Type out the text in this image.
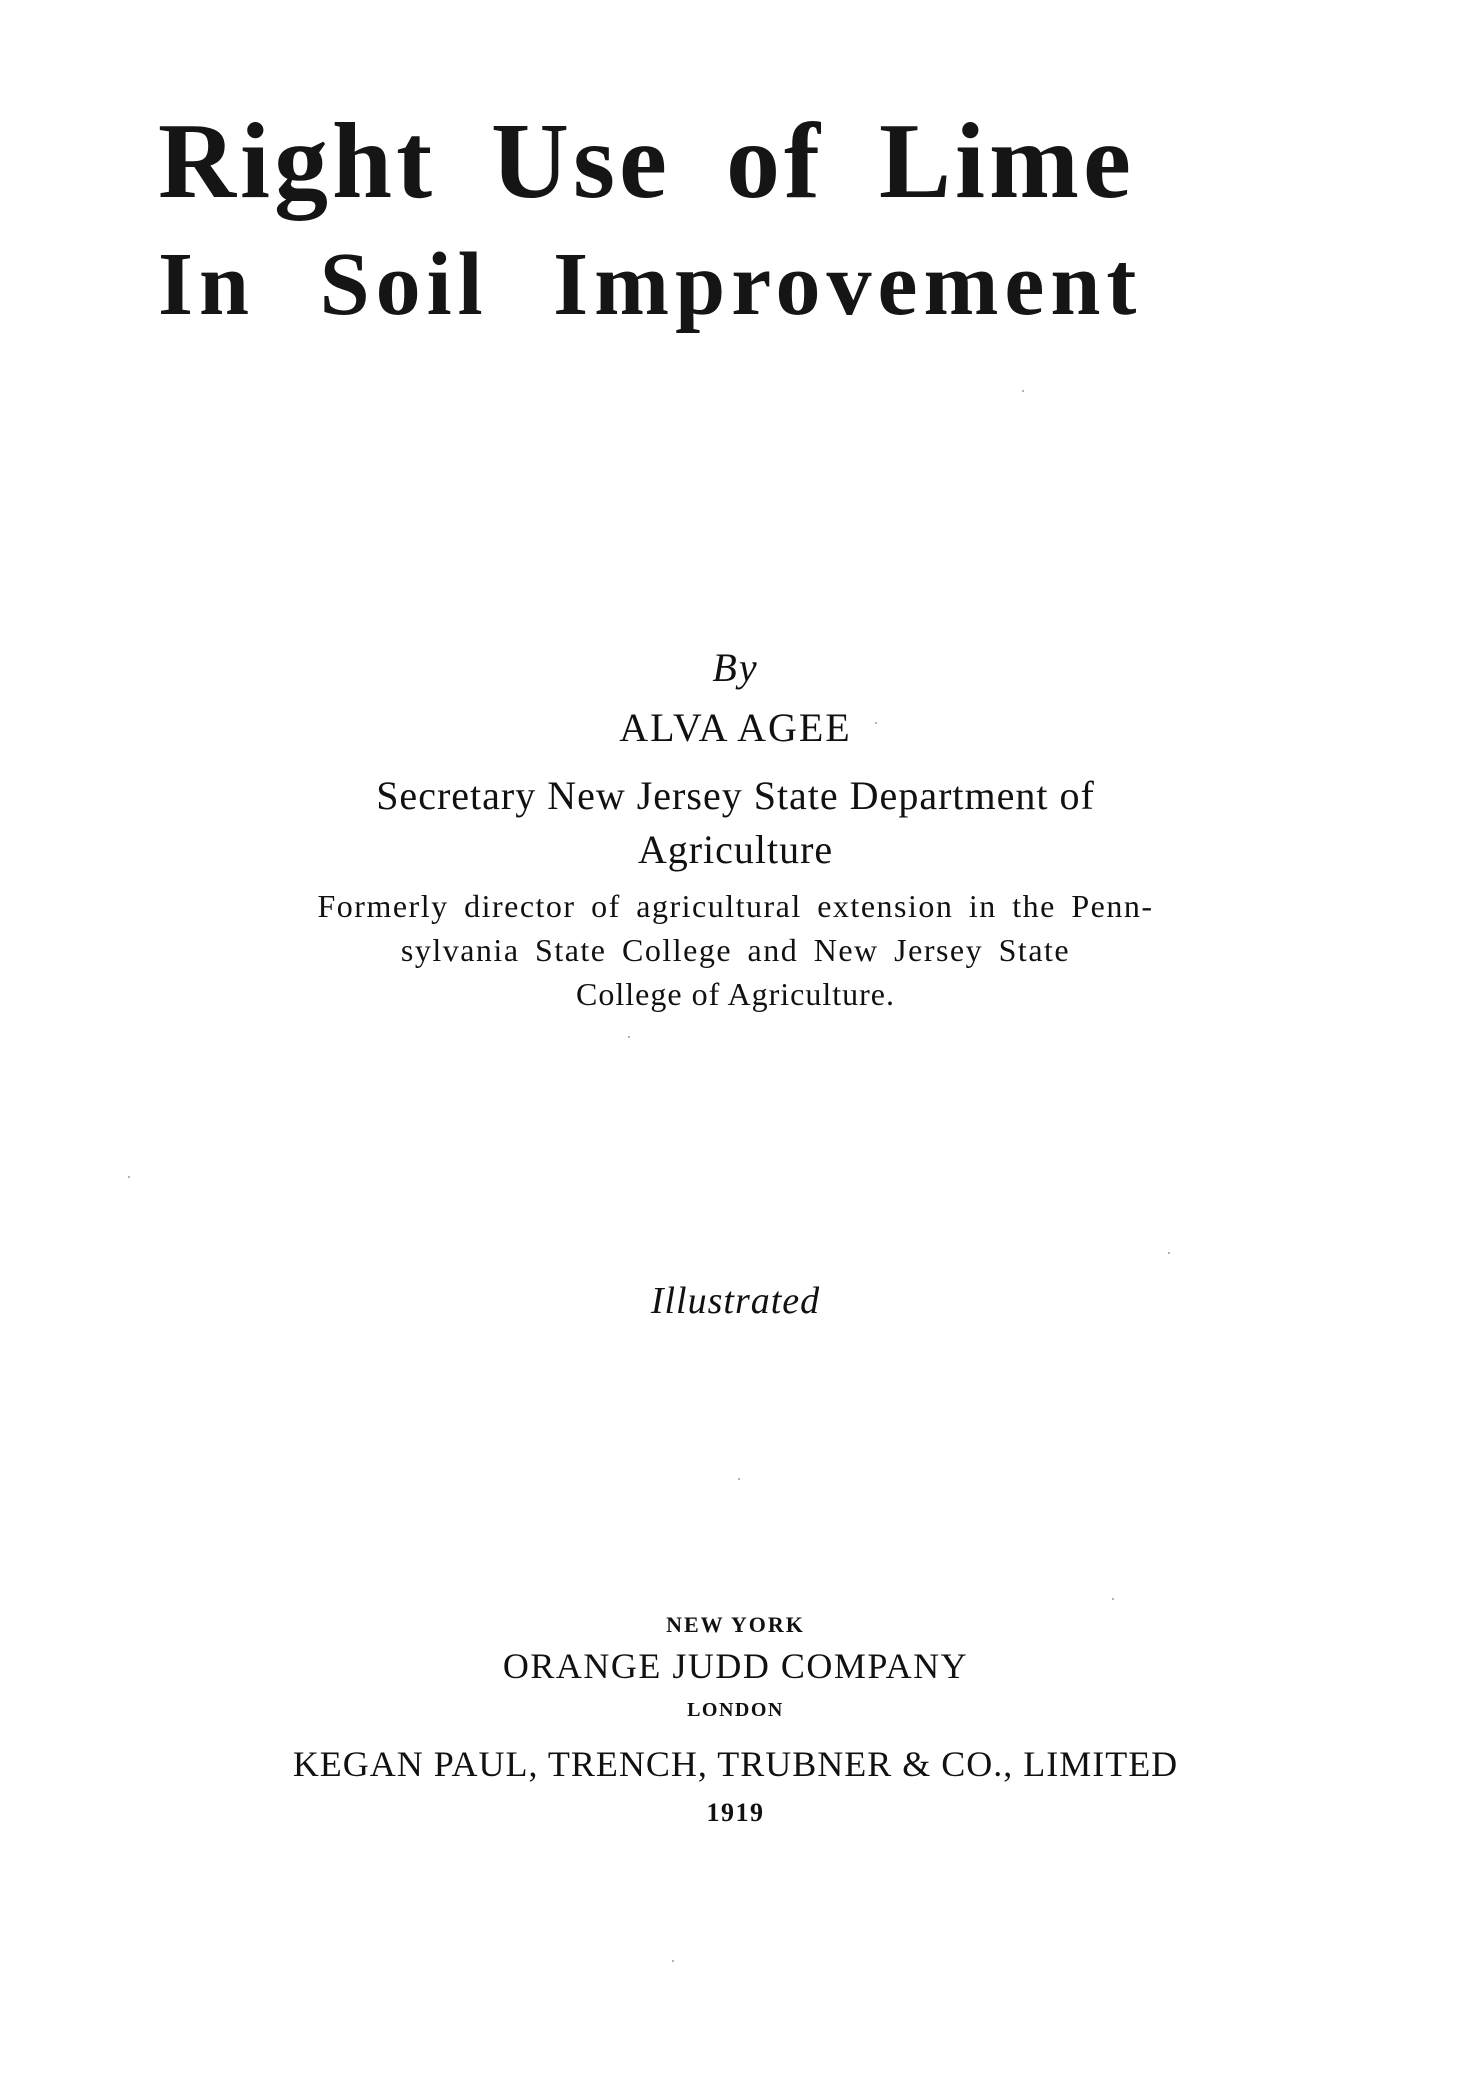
Right Use of Lime
In Soil Improvement
By
ALVA AGEE
Secretary New Jersey State Department of
Agriculture
Formerly director of agricultural extension in the Penn-
sylvania State College and New Jersey State
College of Agriculture.
Illustrated
NEW YORK
ORANGE JUDD COMPANY
LONDON
KEGAN PAUL, TRENCH, TRUBNER & CO., LIMITED
1919
